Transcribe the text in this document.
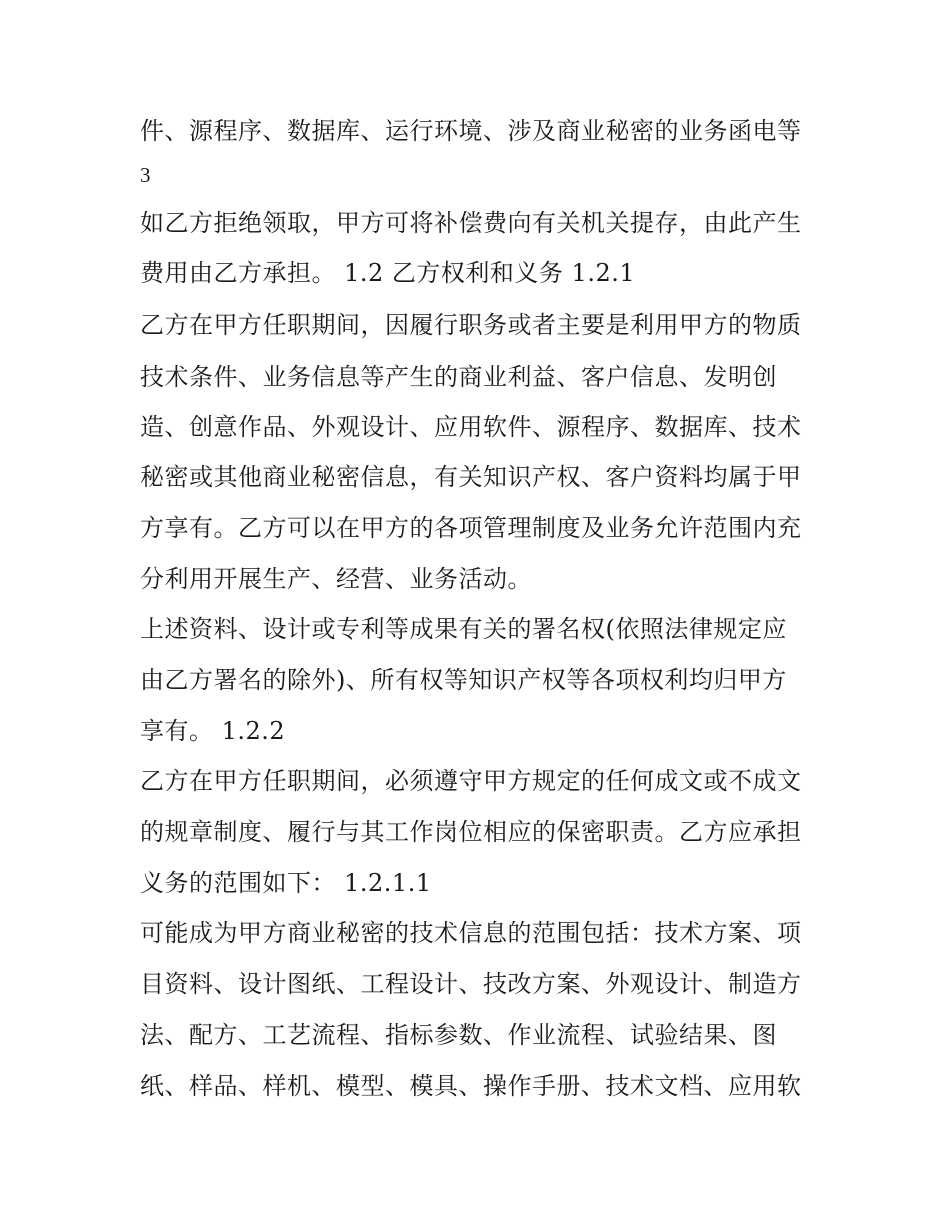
件、源程序、数据库、运行环境、涉及商业秘密的业务函电等
3
如乙方拒绝领取，甲方可将补偿费向有关机关提存，由此产生
费用由乙方承担。 1.2 乙方权利和义务 1.2.1
乙方在甲方任职期间，因履行职务或者主要是利用甲方的物质
技术条件、业务信息等产生的商业利益、客户信息、发明创
造、创意作品、外观设计、应用软件、源程序、数据库、技术
秘密或其他商业秘密信息，有关知识产权、客户资料均属于甲
方享有。乙方可以在甲方的各项管理制度及业务允许范围内充
分利用开展生产、经营、业务活动。
上述资料、设计或专利等成果有关的署名权(依照法律规定应
由乙方署名的除外)、所有权等知识产权等各项权利均归甲方
享有。 1.2.2
乙方在甲方任职期间，必须遵守甲方规定的任何成文或不成文
的规章制度、履行与其工作岗位相应的保密职责。乙方应承担
义务的范围如下： 1.2.1.1
可能成为甲方商业秘密的技术信息的范围包括：技术方案、项
目资料、设计图纸、工程设计、技改方案、外观设计、制造方
法、配方、工艺流程、指标参数、作业流程、试验结果、图
纸、样品、样机、模型、模具、操作手册、技术文档、应用软
